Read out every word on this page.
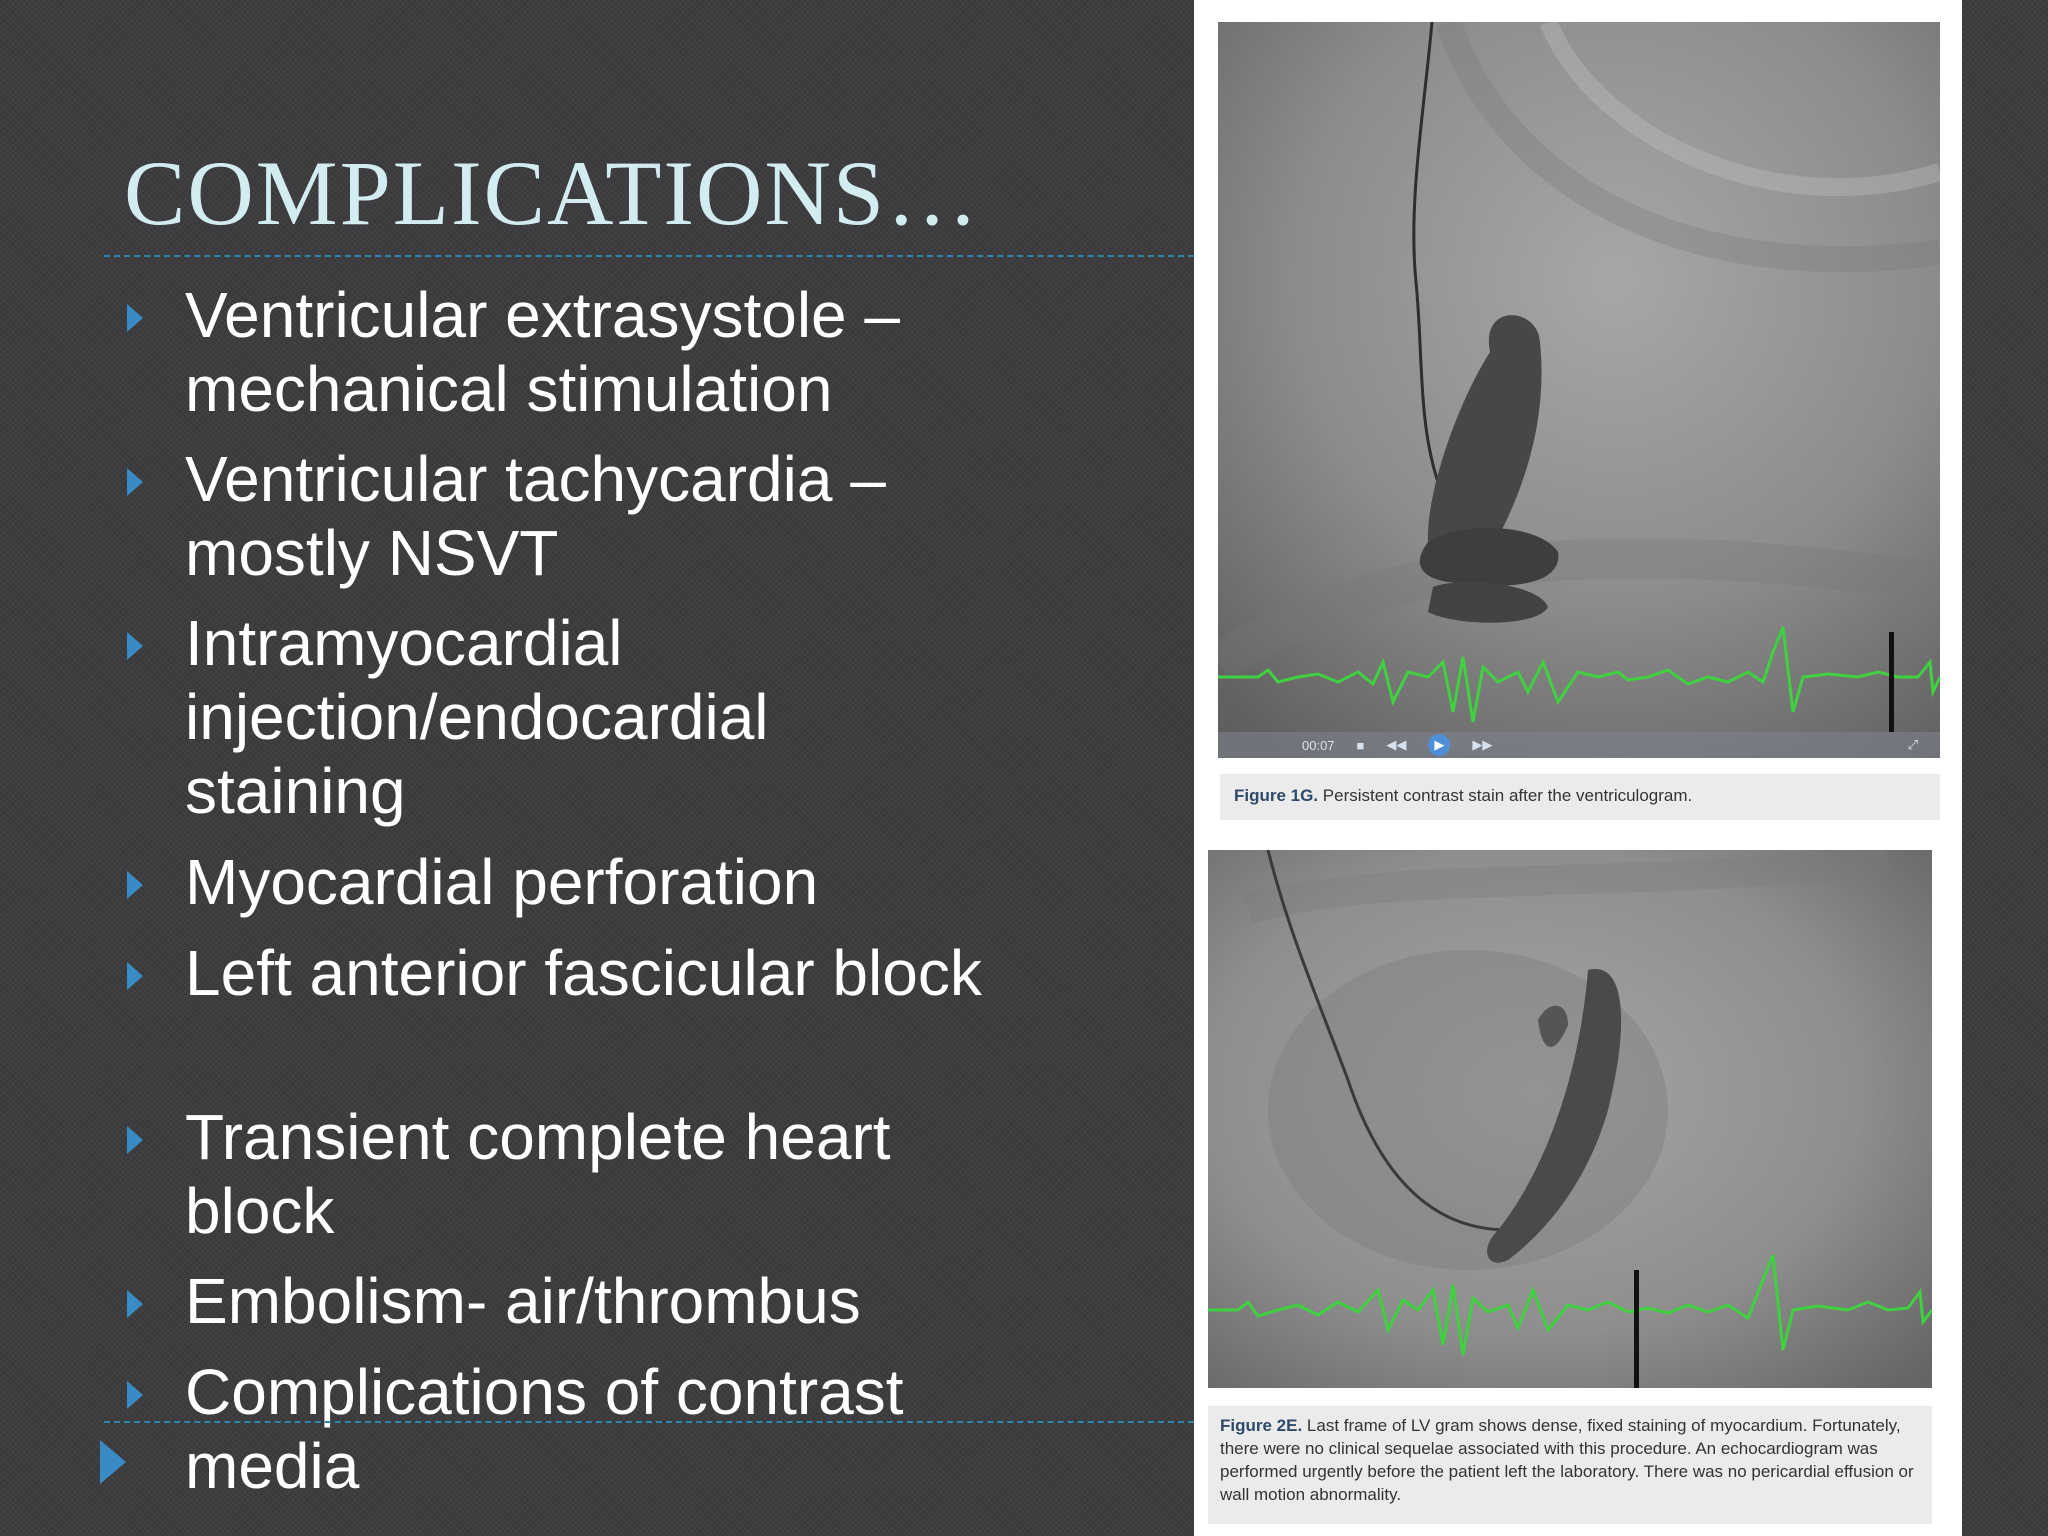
COMPLICATIONS…
Ventricular extrasystole – mechanical stimulation
Ventricular tachycardia – mostly NSVT
Intramyocardial injection/endocardial staining
Myocardial perforation
Left anterior fascicular block
Transient complete heart block
Embolism- air/thrombus
Complications of contrast media
00:07 ■ ◀◀	▶	▶▶	⤢
Figure 1G. Persistent contrast stain after the ventriculogram.
Figure 2E. Last frame of LV gram shows dense, fixed staining of myocardium. Fortunately, there were no clinical sequelae associated with this procedure. An echocardiogram was performed urgently before the patient left the laboratory. There was no pericardial effusion or wall motion abnormality.
